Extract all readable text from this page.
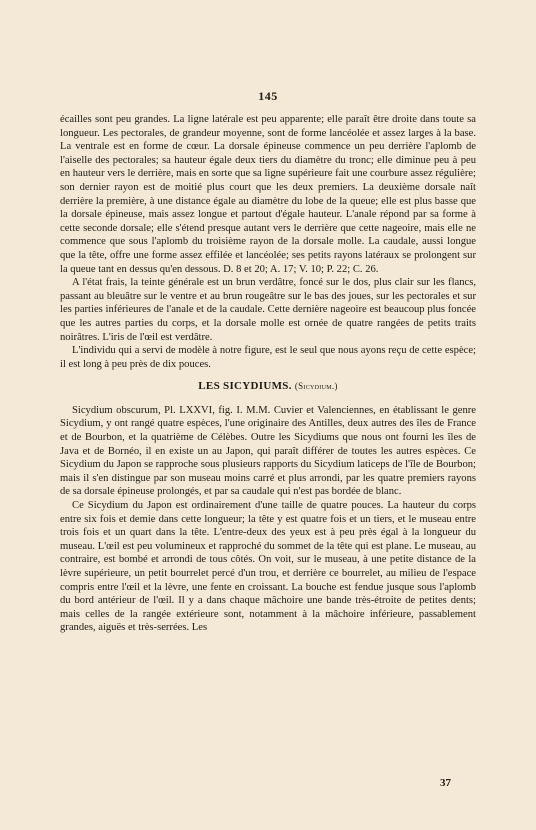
145

écailles sont peu grandes. La ligne latérale est peu apparente; elle paraît être droite dans toute sa longueur. Les pectorales, de grandeur moyenne, sont de forme lancéolée et assez larges à la base. La ventrale est en forme de cœur. La dorsale épineuse commence un peu derrière l'aplomb de l'aiselle des pectorales; sa hauteur égale deux tiers du diamètre du tronc; elle diminue peu à peu en hauteur vers le derrière, mais en sorte que sa ligne supérieure fait une courbure assez régulière; son dernier rayon est de moitié plus court que les deux premiers. La deuxième dorsale naît derrière la première, à une distance égale au diamètre du lobe de la queue; elle est plus basse que la dorsale épineuse, mais assez longue et partout d'égale hauteur. L'anale répond par sa forme à cette seconde dorsale; elle s'étend presque autant vers le derrière que cette nageoire, mais elle ne commence que sous l'aplomb du troisième rayon de la dorsale molle. La caudale, aussi longue que la tête, offre une forme assez effilée et lancéolée; ses petits rayons latéraux se prolongent sur la queue tant en dessus qu'en dessous. D. 8 et 20; A. 17; V. 10; P. 22; C. 26.

A l'état frais, la teinte générale est un brun verdâtre, foncé sur le dos, plus clair sur les flancs, passant au bleuâtre sur le ventre et au brun rougeâtre sur le bas des joues, sur les pectorales et sur les parties inférieures de l'anale et de la caudale. Cette dernière nageoire est beaucoup plus foncée que les autres parties du corps, et la dorsale molle est ornée de quatre rangées de petits traits noirâtres. L'iris de l'œil est verdâtre.

L'individu qui a servi de modèle à notre figure, est le seul que nous ayons reçu de cette espèce; il est long à peu près de dix pouces.

LES SICYDIUMS. (Sicydium.)

Sicydium obscurum, Pl. LXXVI, fig. I. M.M. Cuvier et Valenciennes, en établissant le genre Sicydium, y ont rangé quatre espèces, l'une originaire des Antilles, deux autres des îles de France et de Bourbon, et la quatrième de Célèbes. Outre les Sicydiums que nous ont fourni les îles de Java et de Bornéo, il en existe un au Japon, qui paraît différer de toutes les autres espèces. Ce Sicydium du Japon se rapproche sous plusieurs rapports du Sicydium laticeps de l'île de Bourbon; mais il s'en distingue par son museau moins carré et plus arrondi, par les quatre premiers rayons de sa dorsale épineuse prolongés, et par sa caudale qui n'est pas bordée de blanc.

Ce Sicydium du Japon est ordinairement d'une taille de quatre pouces. La hauteur du corps entre six fois et demie dans cette longueur; la tête y est quatre fois et un tiers, et le museau entre trois fois et un quart dans la tête. L'entre-deux des yeux est à peu près égal à la longueur du museau. L'œil est peu volumineux et rapproché du sommet de la tête qui est plane. Le museau, au contraire, est bombé et arrondi de tous côtés. On voit, sur le museau, à une petite distance de la lèvre supérieure, un petit bourrelet percé d'un trou, et derrière ce bourrelet, au milieu de l'espace compris entre l'œil et la lèvre, une fente en croissant. La bouche est fendue jusque sous l'aplomb du bord antérieur de l'œil. Il y a dans chaque mâchoire une bande très-étroite de petites dents; mais celles de la rangée extérieure sont, notamment à la mâchoire inférieure, passablement grandes, aiguës et très-serrées. Les

37
